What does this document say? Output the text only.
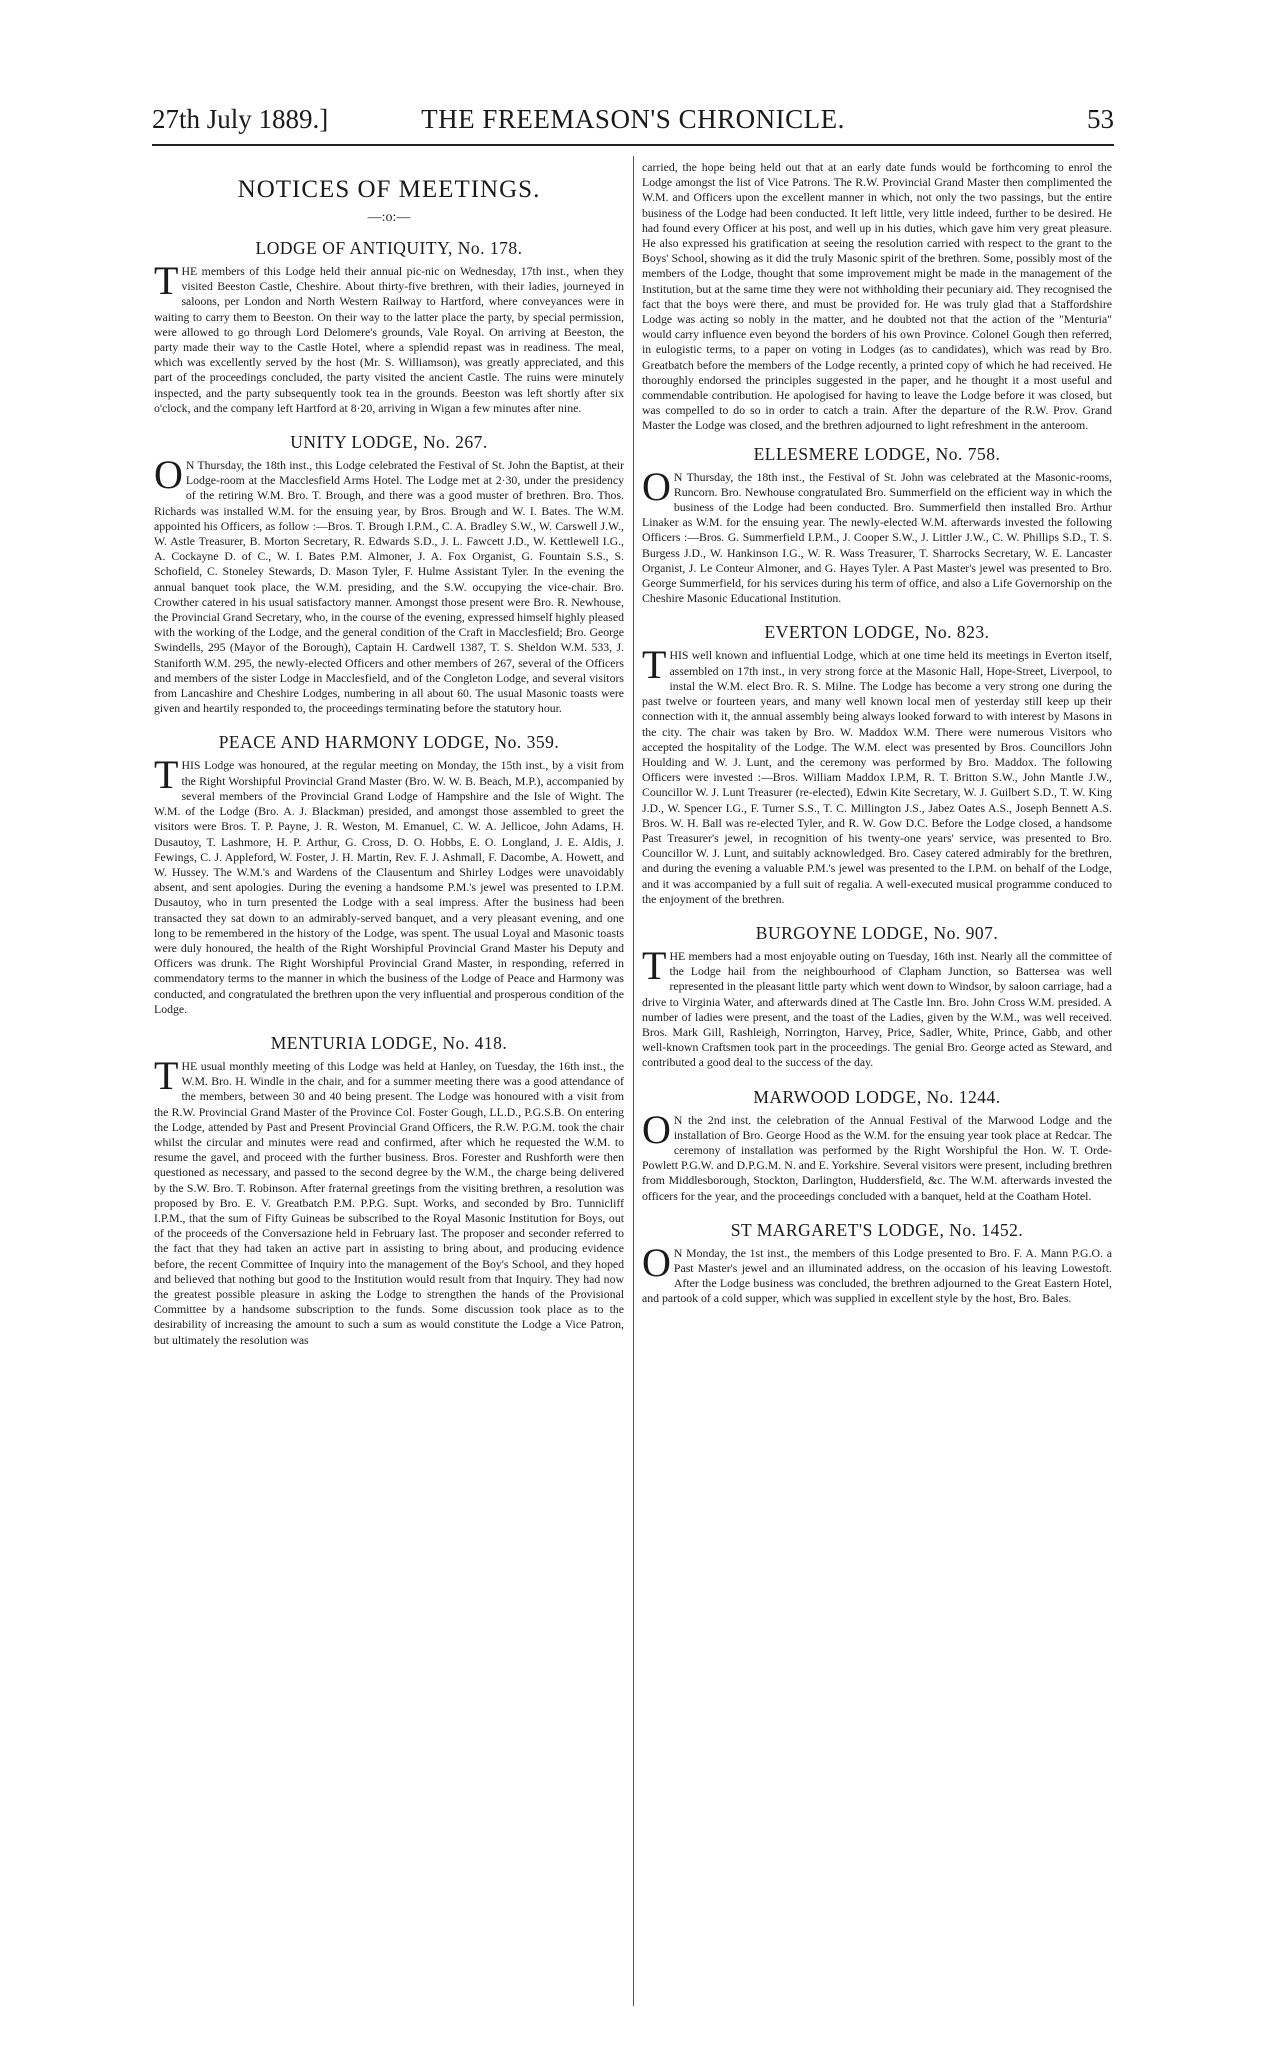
27th July 1889.]	THE FREEMASON'S CHRONICLE.	53
NOTICES OF MEETINGS.
—:o:—
LODGE OF ANTIQUITY, No. 178.

THE members of this Lodge held their annual pic-nic on Wednesday, 17th inst., when they visited Beeston Castle, Cheshire. About thirty-five brethren, with their ladies, journeyed in saloons, per London and North Western Railway to Hartford, where conveyances were in waiting to carry them to Beeston. On their way to the latter place the party, by special permission, were allowed to go through Lord Delomere's grounds, Vale Royal. On arriving at Beeston, the party made their way to the Castle Hotel, where a splendid repast was in readiness. The meal, which was excellently served by the host (Mr. S. Williamson), was greatly appreciated, and this part of the proceedings concluded, the party visited the ancient Castle. The ruins were minutely inspected, and the party subsequently took tea in the grounds. Beeston was left shortly after six o'clock, and the company left Hartford at 8·20, arriving in Wigan a few minutes after nine.

UNITY LODGE, No. 267.

O N Thursday, the 18th inst., this Lodge celebrated the Festival of St. John the Baptist, at their Lodge-room at the Macclesfield Arms Hotel. The Lodge met at 2·30, under the presidency of the retiring W.M. Bro. T. Brough, and there was a good muster of brethren. Bro. Thos. Richards was installed W.M. for the ensuing year, by Bros. Brough and W. I. Bates. The W.M. appointed his Officers, as follow :—Bros. T. Brough I.P.M., C. A. Bradley S.W., W. Carswell J.W., W. Astle Treasurer, B. Morton Secretary, R. Edwards S.D., J. L. Fawcett J.D., W. Kettlewell I.G., A. Cockayne D. of C., W. I. Bates P.M. Almoner, J. A. Fox Organist, G. Fountain S.S., S. Schofield, C. Stoneley Stewards, D. Mason Tyler, F. Hulme Assistant Tyler. In the evening the annual banquet took place, the W.M. presiding, and the S.W. occupying the vice-chair. Bro. Crowther catered in his usual satisfactory manner. Amongst those present were Bro. R. Newhouse, the Provincial Grand Secretary, who, in the course of the evening, expressed himself highly pleased with the working of the Lodge, and the general condition of the Craft in Macclesfield; Bro. George Swindells, 295 (Mayor of the Borough), Captain H. Cardwell 1387, T. S. Sheldon W.M. 533, J. Staniforth W.M. 295, the newly-elected Officers and other members of 267, several of the Officers and members of the sister Lodge in Macclesfield, and of the Congleton Lodge, and several visitors from Lancashire and Cheshire Lodges, numbering in all about 60. The usual Masonic toasts were given and heartily responded to, the proceedings terminating before the statutory hour.

PEACE AND HARMONY LODGE, No. 359.

THIS Lodge was honoured, at the regular meeting on Monday, the 15th inst., by a visit from the Right Worshipful Provincial Grand Master (Bro. W. W. B. Beach, M.P.), accompanied by several members of the Provincial Grand Lodge of Hampshire and the Isle of Wight. The W.M. of the Lodge (Bro. A. J. Blackman) presided, and amongst those assembled to greet the visitors were Bros. T. P. Payne, J. R. Weston, M. Emanuel, C. W. A. Jellicoe, John Adams, H. Dusautoy, T. Lashmore, H. P. Arthur, G. Cross, D. O. Hobbs, E. O. Longland, J. E. Aldis, J. Fewings, C. J. Appleford, W. Foster, J. H. Martin, Rev. F. J. Ashmall, F. Dacombe, A. Howett, and W. Hussey. The W.M.'s and Wardens of the Clausentum and Shirley Lodges were unavoidably absent, and sent apologies. During the evening a handsome P.M.'s jewel was presented to I.P.M. Dusautoy, who in turn presented the Lodge with a seal impress. After the business had been transacted they sat down to an admirably-served banquet, and a very pleasant evening, and one long to be remembered in the history of the Lodge, was spent. The usual Loyal and Masonic toasts were duly honoured, the health of the Right Worshipful Provincial Grand Master his Deputy and Officers was drunk. The Right Worshipful Provincial Grand Master, in responding, referred in commendatory terms to the manner in which the business of the Lodge of Peace and Harmony was conducted, and congratulated the brethren upon the very influential and prosperous condition of the Lodge.

MENTURIA LODGE, No. 418.

THE usual monthly meeting of this Lodge was held at Hanley, on Tuesday, the 16th inst., the W.M. Bro. H. Windle in the chair, and for a summer meeting there was a good attendance of the members, between 30 and 40 being present. The Lodge was honoured with a visit from the R.W. Provincial Grand Master of the Province Col. Foster Gough, LL.D., P.G.S.B. On entering the Lodge, attended by Past and Present Provincial Grand Officers, the R.W. P.G.M. took the chair whilst the circular and minutes were read and confirmed, after which he requested the W.M. to resume the gavel, and proceed with the further business. Bros. Forester and Rushforth were then questioned as necessary, and passed to the second degree by the W.M., the charge being delivered by the S.W. Bro. T. Robinson. After fraternal greetings from the visiting brethren, a resolution was proposed by Bro. E. V. Greatbatch P.M. P.P.G. Supt. Works, and seconded by Bro. Tunnicliff I.P.M., that the sum of Fifty Guineas be subscribed to the Royal Masonic Institution for Boys, out of the proceeds of the Conversazione held in February last. The proposer and seconder referred to the fact that they had taken an active part in assisting to bring about, and producing evidence before, the recent Committee of Inquiry into the management of the Boy's School, and they hoped and believed that nothing but good to the Institution would result from that Inquiry. They had now the greatest possible pleasure in asking the Lodge to strengthen the hands of the Provisional Committee by a handsome subscription to the funds. Some discussion took place as to the desirability of increasing the amount to such a sum as would constitute the Lodge a Vice Patron, but ultimately the resolution was

carried, the hope being held out that at an early date funds would be forthcoming to enrol the Lodge amongst the list of Vice Patrons. The R.W. Provincial Grand Master then complimented the W.M. and Officers upon the excellent manner in which, not only the two passings, but the entire business of the Lodge had been conducted. It left little, very little indeed, further to be desired. He had found every Officer at his post, and well up in his duties, which gave him very great pleasure. He also expressed his gratification at seeing the resolution carried with respect to the grant to the Boys' School, showing as it did the truly Masonic spirit of the brethren. Some, possibly most of the members of the Lodge, thought that some improvement might be made in the management of the Institution, but at the same time they were not withholding their pecuniary aid. They recognised the fact that the boys were there, and must be provided for. He was truly glad that a Staffordshire Lodge was acting so nobly in the matter, and he doubted not that the action of the "Menturia" would carry influence even beyond the borders of his own Province. Colonel Gough then referred, in eulogistic terms, to a paper on voting in Lodges (as to candidates), which was read by Bro. Greatbatch before the members of the Lodge recently, a printed copy of which he had received. He thoroughly endorsed the principles suggested in the paper, and he thought it a most useful and commendable contribution. He apologised for having to leave the Lodge before it was closed, but was compelled to do so in order to catch a train. After the departure of the R.W. Prov. Grand Master the Lodge was closed, and the brethren adjourned to light refreshment in the anteroom.

ELLESMERE LODGE, No. 758.

O N Thursday, the 18th inst., the Festival of St. John was celebrated at the Masonic-rooms, Runcorn. Bro. Newhouse congratulated Bro. Summerfield on the efficient way in which the business of the Lodge had been conducted. Bro. Summerfield then installed Bro. Arthur Linaker as W.M. for the ensuing year. The newly-elected W.M. afterwards invested the following Officers :—Bros. G. Summerfield I.P.M., J. Cooper S.W., J. Littler J.W., C. W. Phillips S.D., T. S. Burgess J.D., W. Hankinson I.G., W. R. Wass Treasurer, T. Sharrocks Secretary, W. E. Lancaster Organist, J. Le Conteur Almoner, and G. Hayes Tyler. A Past Master's jewel was presented to Bro. George Summerfield, for his services during his term of office, and also a Life Governorship on the Cheshire Masonic Educational Institution.

EVERTON LODGE, No. 823.

THIS well known and influential Lodge, which at one time held its meetings in Everton itself, assembled on 17th inst., in very strong force at the Masonic Hall, Hope-Street, Liverpool, to instal the W.M. elect Bro. R. S. Milne. The Lodge has become a very strong one during the past twelve or fourteen years, and many well known local men of yesterday still keep up their connection with it, the annual assembly being always looked forward to with interest by Masons in the city. The chair was taken by Bro. W. Maddox W.M. There were numerous Visitors who accepted the hospitality of the Lodge. The W.M. elect was presented by Bros. Councillors John Houlding and W. J. Lunt, and the ceremony was performed by Bro. Maddox. The following Officers were invested :—Bros. William Maddox I.P.M, R. T. Britton S.W., John Mantle J.W., Councillor W. J. Lunt Treasurer (re-elected), Edwin Kite Secretary, W. J. Guilbert S.D., T. W. King J.D., W. Spencer I.G., F. Turner S.S., T. C. Millington J.S., Jabez Oates A.S., Joseph Bennett A.S. Bros. W. H. Ball was re-elected Tyler, and R. W. Gow D.C. Before the Lodge closed, a handsome Past Treasurer's jewel, in recognition of his twenty-one years' service, was presented to Bro. Councillor W. J. Lunt, and suitably acknowledged. Bro. Casey catered admirably for the brethren, and during the evening a valuable P.M.'s jewel was presented to the I.P.M. on behalf of the Lodge, and it was accompanied by a full suit of regalia. A well-executed musical programme conduced to the enjoyment of the brethren.

BURGOYNE LODGE, No. 907.

THE members had a most enjoyable outing on Tuesday, 16th inst. Nearly all the committee of the Lodge hail from the neighbourhood of Clapham Junction, so Battersea was well represented in the pleasant little party which went down to Windsor, by saloon carriage, had a drive to Virginia Water, and afterwards dined at The Castle Inn. Bro. John Cross W.M. presided. A number of ladies were present, and the toast of the Ladies, given by the W.M., was well received. Bros. Mark Gill, Rashleigh, Norrington, Harvey, Price, Sadler, White, Prince, Gabb, and other well-known Craftsmen took part in the proceedings. The genial Bro. George acted as Steward, and contributed a good deal to the success of the day.

MARWOOD LODGE, No. 1244.

O N the 2nd inst. the celebration of the Annual Festival of the Marwood Lodge and the installation of Bro. George Hood as the W.M. for the ensuing year took place at Redcar. The ceremony of installation was performed by the Right Worshipful the Hon. W. T. Orde-Powlett P.G.W. and D.P.G.M. N. and E. Yorkshire. Several visitors were present, including brethren from Middlesborough, Stockton, Darlington, Huddersfield, &c. The W.M. afterwards invested the officers for the year, and the proceedings concluded with a banquet, held at the Coatham Hotel.

ST MARGARET'S LODGE, No. 1452.

O N Monday, the 1st inst., the members of this Lodge presented to Bro. F. A. Mann P.G.O. a Past Master's jewel and an illuminated address, on the occasion of his leaving Lowestoft. After the Lodge business was concluded, the brethren adjourned to the Great Eastern Hotel, and partook of a cold supper, which was supplied in excellent style by the host, Bro. Bales.
